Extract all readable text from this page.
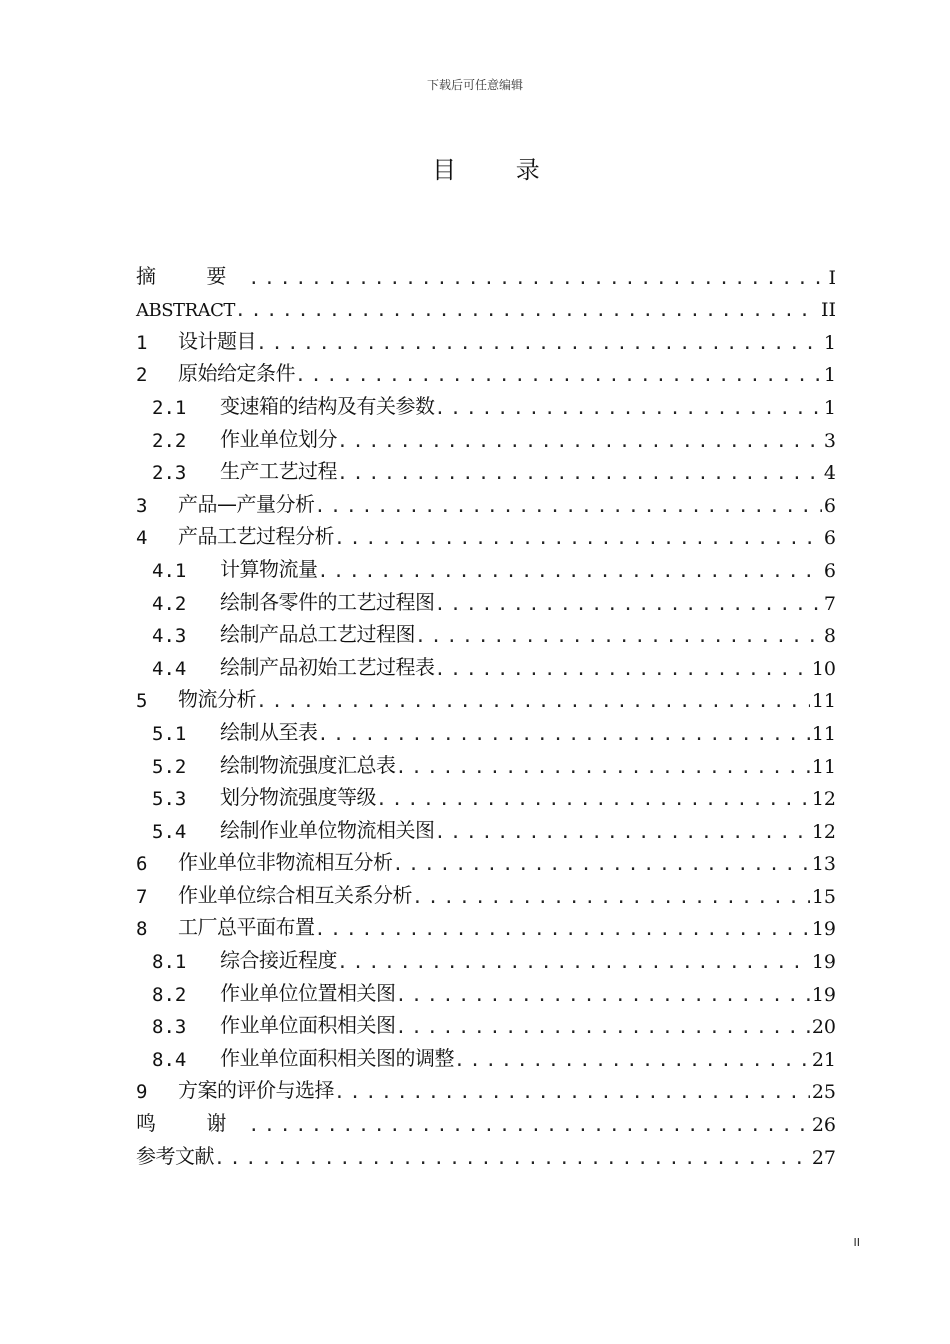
下载后可任意编辑
目 录
摘 要 . . .	I
ABSTRACT . . .	II
1	设计题目 . . .	1
2	原始给定条件 . . .	1
2.1	变速箱的结构及有关参数 . . .	1
2.2	作业单位划分 . . .	3
2.3	生产工艺过程 . . .	4
3	产品—产量分析 . . .	6
4	产品工艺过程分析 . . .	6
4.1	计算物流量 . . .	6
4.2	绘制各零件的工艺过程图 . . .	7
4.3	绘制产品总工艺过程图 . . .	8
4.4	绘制产品初始工艺过程表 . . .	10
5	物流分析 . . .	11
5.1	绘制从至表 . . .	11
5.2	绘制物流强度汇总表 . . .	11
5.3	划分物流强度等级 . . .	12
5.4	绘制作业单位物流相关图 . . .	12
6	作业单位非物流相互分析 . . .	13
7	作业单位综合相互关系分析 . . .	15
8	工厂总平面布置 . . .	19
8.1	综合接近程度 . . .	19
8.2	作业单位位置相关图 . . .	19
8.3	作业单位面积相关图 . . .	20
8.4	作业单位面积相关图的调整 . . .	21
9	方案的评价与选择 . . .	25
鸣 谢 . . .	26
参考文献 . . .	27
II
